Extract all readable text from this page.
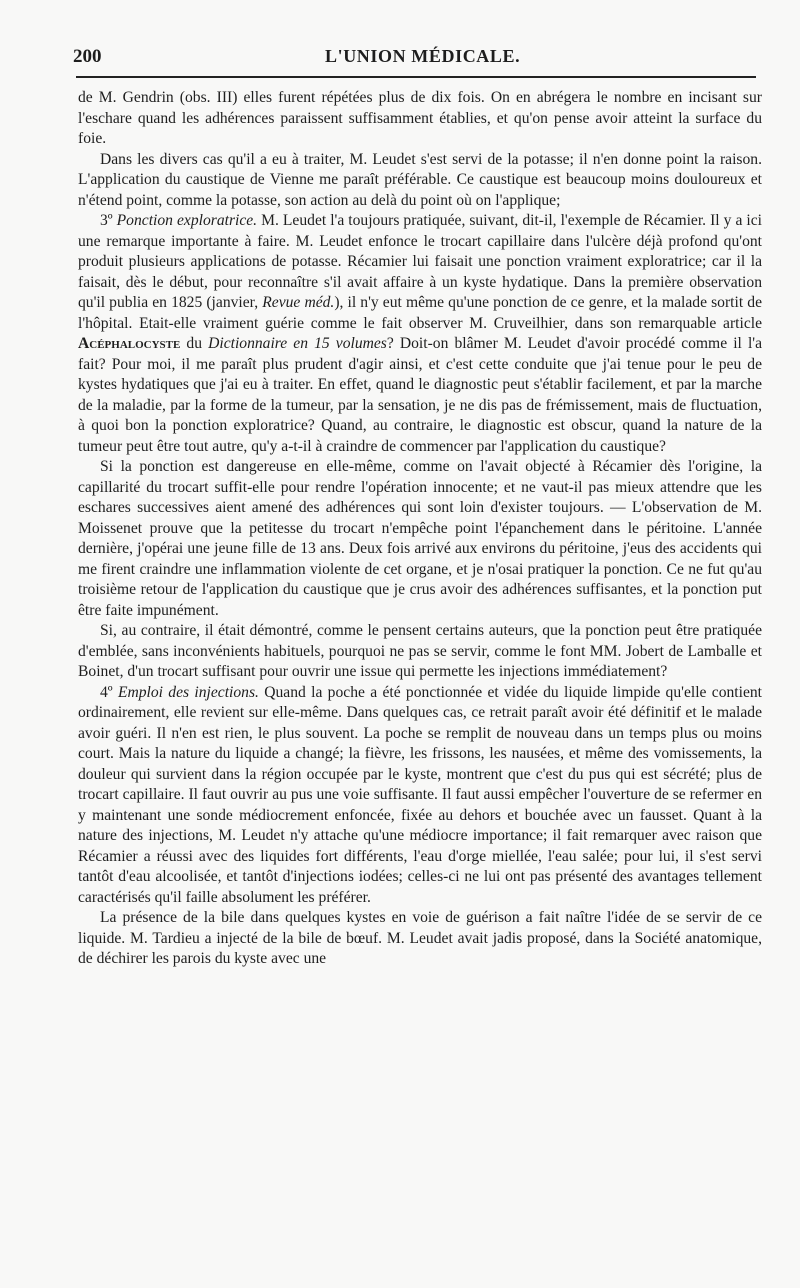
200	L'UNION MÉDICALE.

de M. Gendrin (obs. III) elles furent répétées plus de dix fois. On en abrégera le nombre en incisant sur l'eschare quand les adhérences paraissent suffisamment établies, et qu'on pense avoir atteint la surface du foie.

Dans les divers cas qu'il a eu à traiter, M. Leudet s'est servi de la potasse; il n'en donne point la raison. L'application du caustique de Vienne me paraît préférable. Ce caustique est beaucoup moins douloureux et n'étend point, comme la potasse, son action au delà du point où on l'applique;

3º Ponction exploratrice. M. Leudet l'a toujours pratiquée, suivant, dit-il, l'exemple de Récamier. Il y a ici une remarque importante à faire. M. Leudet enfonce le trocart capillaire dans l'ulcère déjà profond qu'ont produit plusieurs applications de potasse. Récamier lui faisait une ponction vraiment exploratrice; car il la faisait, dès le début, pour reconnaître s'il avait affaire à un kyste hydatique. Dans la première observation qu'il publia en 1825 (janvier, Revue méd.), il n'y eut même qu'une ponction de ce genre, et la malade sortit de l'hôpital. Etait-elle vraiment guérie comme le fait observer M. Cruveilhier, dans son remarquable article Acéphalocyste du Dictionnaire en 15 volumes? Doit-on blâmer M. Leudet d'avoir procédé comme il l'a fait? Pour moi, il me paraît plus prudent d'agir ainsi, et c'est cette conduite que j'ai tenue pour le peu de kystes hydatiques que j'ai eu à traiter. En effet, quand le diagnostic peut s'établir facilement, et par la marche de la maladie, par la forme de la tumeur, par la sensation, je ne dis pas de frémissement, mais de fluctuation, à quoi bon la ponction exploratrice? Quand, au contraire, le diagnostic est obscur, quand la nature de la tumeur peut être tout autre, qu'y a-t-il à craindre de commencer par l'application du caustique?

Si la ponction est dangereuse en elle-même, comme on l'avait objecté à Récamier dès l'origine, la capillarité du trocart suffit-elle pour rendre l'opération innocente; et ne vaut-il pas mieux attendre que les eschares successives aient amené des adhérences qui sont loin d'exister toujours. — L'observation de M. Moissenet prouve que la petitesse du trocart n'empêche point l'épanchement dans le péritoine. L'année dernière, j'opérai une jeune fille de 13 ans. Deux fois arrivé aux environs du péritoine, j'eus des accidents qui me firent craindre une inflammation violente de cet organe, et je n'osai pratiquer la ponction. Ce ne fut qu'au troisième retour de l'application du caustique que je crus avoir des adhérences suffisantes, et la ponction put être faite impunément.

Si, au contraire, il était démontré, comme le pensent certains auteurs, que la ponction peut être pratiquée d'emblée, sans inconvénients habituels, pourquoi ne pas se servir, comme le font MM. Jobert de Lamballe et Boinet, d'un trocart suffisant pour ouvrir une issue qui permette les injections immédiatement?

4º Emploi des injections. Quand la poche a été ponctionnée et vidée du liquide limpide qu'elle contient ordinairement, elle revient sur elle-même. Dans quelques cas, ce retrait paraît avoir été définitif et le malade avoir guéri. Il n'en est rien, le plus souvent. La poche se remplit de nouveau dans un temps plus ou moins court. Mais la nature du liquide a changé; la fièvre, les frissons, les nausées, et même des vomissements, la douleur qui survient dans la région occupée par le kyste, montrent que c'est du pus qui est sécrété; plus de trocart capillaire. Il faut ouvrir au pus une voie suffisante. Il faut aussi empêcher l'ouverture de se refermer en y maintenant une sonde médiocrement enfoncée, fixée au dehors et bouchée avec un fausset. Quant à la nature des injections, M. Leudet n'y attache qu'une médiocre importance; il fait remarquer avec raison que Récamier a réussi avec des liquides fort différents, l'eau d'orge miellée, l'eau salée; pour lui, il s'est servi tantôt d'eau alcoolisée, et tantôt d'injections iodées; celles-ci ne lui ont pas présenté des avantages tellement caractérisés qu'il faille absolument les préférer.

La présence de la bile dans quelques kystes en voie de guérison a fait naître l'idée de se servir de ce liquide. M. Tardieu a injecté de la bile de bœuf. M. Leudet avait jadis proposé, dans la Société anatomique, de déchirer les parois du kyste avec une
